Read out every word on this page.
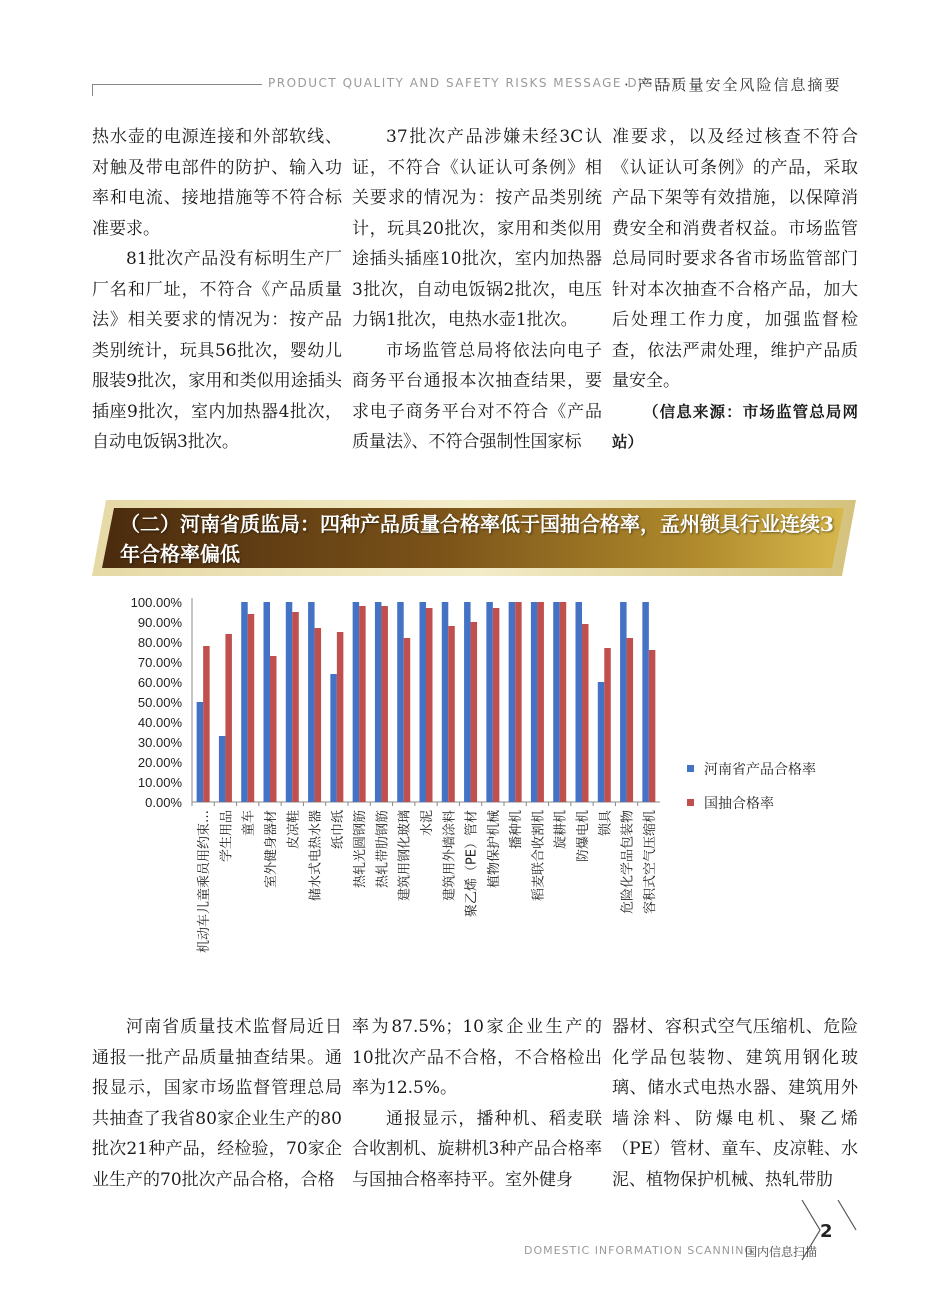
PRODUCT QUALITY AND SAFETY RISKS MESSAGE DIGEST
· 产品质量安全风险信息摘要

热水壶的电源连接和外部软线、对触及带电部件的防护、输入功率和电流、接地措施等不符合标准要求。

81批次产品没有标明生产厂厂名和厂址，不符合《产品质量法》相关要求的情况为：按产品类别统计，玩具56批次，婴幼儿服装9批次，家用和类似用途插头插座9批次，室内加热器4批次，自动电饭锅3批次。

37批次产品涉嫌未经3C认证，不符合《认证认可条例》相关要求的情况为：按产品类别统计，玩具20批次，家用和类似用途插头插座10批次，室内加热器3批次，自动电饭锅2批次，电压力锅1批次，电热水壶1批次。

市场监管总局将依法向电子商务平台通报本次抽查结果，要求电子商务平台对不符合《产品质量法》、不符合强制性国家标

准要求，以及经过核查不符合《认证认可条例》的产品，采取产品下架等有效措施，以保障消费安全和消费者权益。市场监管总局同时要求各省市场监管部门针对本次抽查不合格产品，加大后处理工作力度，加强监督检查，依法严肃处理，维护产品质量安全。

（信息来源：市场监管总局网站）

（二）河南省质监局：四种产品质量合格率低于国抽合格率，孟州锁具行业连续3年合格率偏低
0.00%
10.00%
20.00%
30.00%
40.00%
50.00%
60.00%
70.00%
80.00%
90.00%
100.00%
机动车儿童乘员用约束… 学生用品 童车 室外健身器材 皮凉鞋 储水式电热水器 纸巾纸 热轧光圆钢筋 热轧带肋钢筋 建筑用钢化玻璃 水泥 建筑用外墙涂料 聚乙烯（PE）管材 植物保护机械 播种机 稻麦联合收割机 旋耕机 防爆电机 锁具 危险化学品包装物 容积式空气压缩机
河南省产品合格率
国抽合格率

河南省质量技术监督局近日通报一批产品质量抽查结果。通报显示，国家市场监督管理总局共抽查了我省80家企业生产的80批次21种产品，经检验，70家企业生产的70批次产品合格，合格

率为87.5%；10家企业生产的10批次产品不合格，不合格检出率为12.5%。

通报显示，播种机、稻麦联合收割机、旋耕机3种产品合格率与国抽合格率持平。室外健身

器材、容积式空气压缩机、危险化学品包装物、建筑用钢化玻璃、储水式电热水器、建筑用外墙涂料、防爆电机、聚乙烯（PE）管材、童车、皮凉鞋、水泥、植物保护机械、热轧带肋

DOMESTIC INFORMATION SCANNING
国内信息扫描
2
